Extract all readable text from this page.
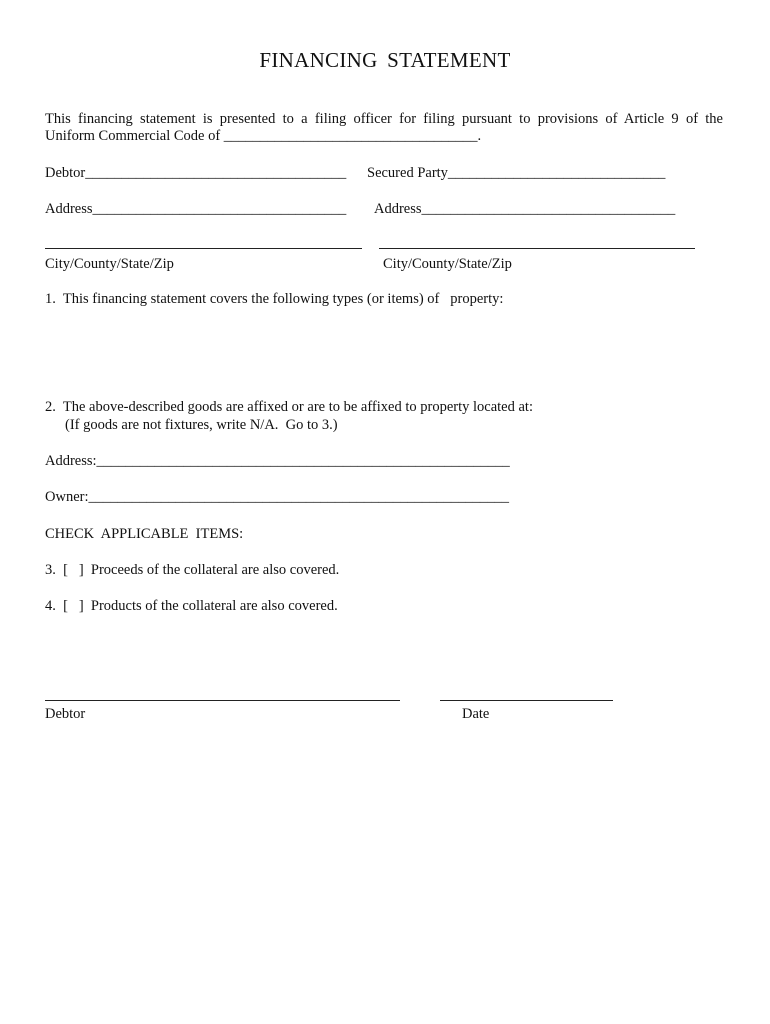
FINANCING STATEMENT
This financing statement is presented to a filing officer for filing pursuant to provisions of Article 9 of the
Uniform Commercial Code of ___________________________________.
Debtor____________________________________ Secured Party______________________________
Address___________________________________ Address___________________________________
City/County/State/Zip	City/County/State/Zip
1.  This financing statement covers the following types (or items) of   property:
2.  The above-described goods are affixed or are to be affixed to property located at:
(If goods are not fixtures, write N/A.  Go to 3.)
Address:_________________________________________________________
Owner:__________________________________________________________
CHECK  APPLICABLE  ITEMS:
3.  [   ]  Proceeds of the collateral are also covered.
4.  [   ]  Products of the collateral are also covered.
Debtor	Date
